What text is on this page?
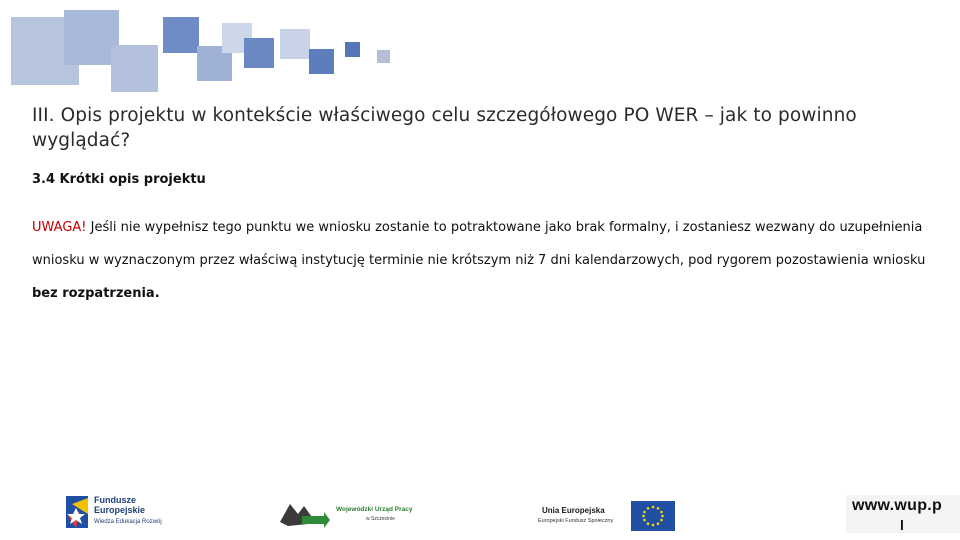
III. Opis projektu w kontekście właściwego celu szczegółowego PO WER – jak to powinno wyglądać?
3.4 Krótki opis projektu
UWAGA! Jeśli nie wypełnisz tego punktu we wniosku zostanie to potraktowane jako brak formalny, i zostaniesz wezwany do uzupełnienia wniosku w wyznaczonym przez właściwą instytucję terminie nie krótszym niż 7 dni kalendarzowych, pod rygorem pozostawienia wniosku bez rozpatrzenia.
Fundusze
Europejskie
Wiedza Edukacja Rozwój
Wojewódzki Urząd Pracy
w Szczecinie
Unia Europejska
Europejski Fundusz Społeczny
www.wup.p
l
